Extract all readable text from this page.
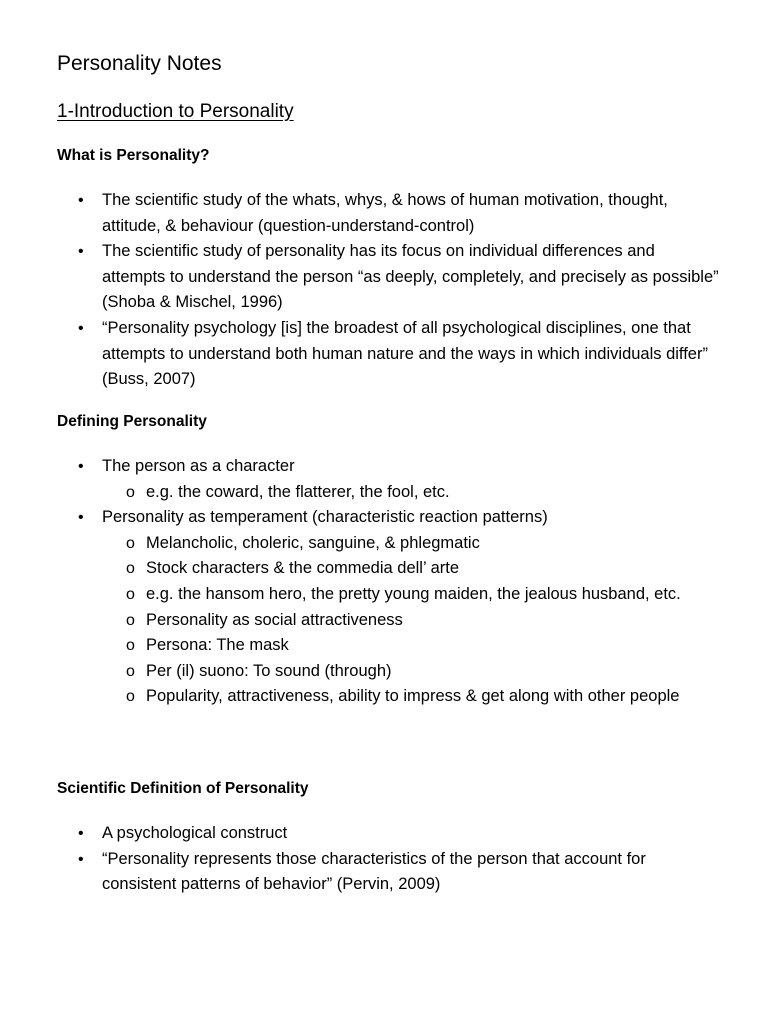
Personality Notes
1-Introduction to Personality
What is Personality?
• The scientific study of the whats, whys, & hows of human motivation, thought, attitude, & behaviour (question-understand-control)
• The scientific study of personality has its focus on individual differences and attempts to understand the person “as deeply, completely, and precisely as possible” (Shoba & Mischel, 1996)
• “Personality psychology [is] the broadest of all psychological disciplines, one that attempts to understand both human nature and the ways in which individuals differ” (Buss, 2007)
Defining Personality
• The person as a character
o e.g. the coward, the flatterer, the fool, etc.
• Personality as temperament (characteristic reaction patterns)
o Melancholic, choleric, sanguine, & phlegmatic
o Stock characters & the commedia dell’ arte
o e.g. the hansom hero, the pretty young maiden, the jealous husband, etc.
o Personality as social attractiveness
o Persona: The mask
o Per (il) suono: To sound (through)
o Popularity, attractiveness, ability to impress & get along with other people
Scientific Definition of Personality
• A psychological construct
• “Personality represents those characteristics of the person that account for consistent patterns of behavior” (Pervin, 2009)
